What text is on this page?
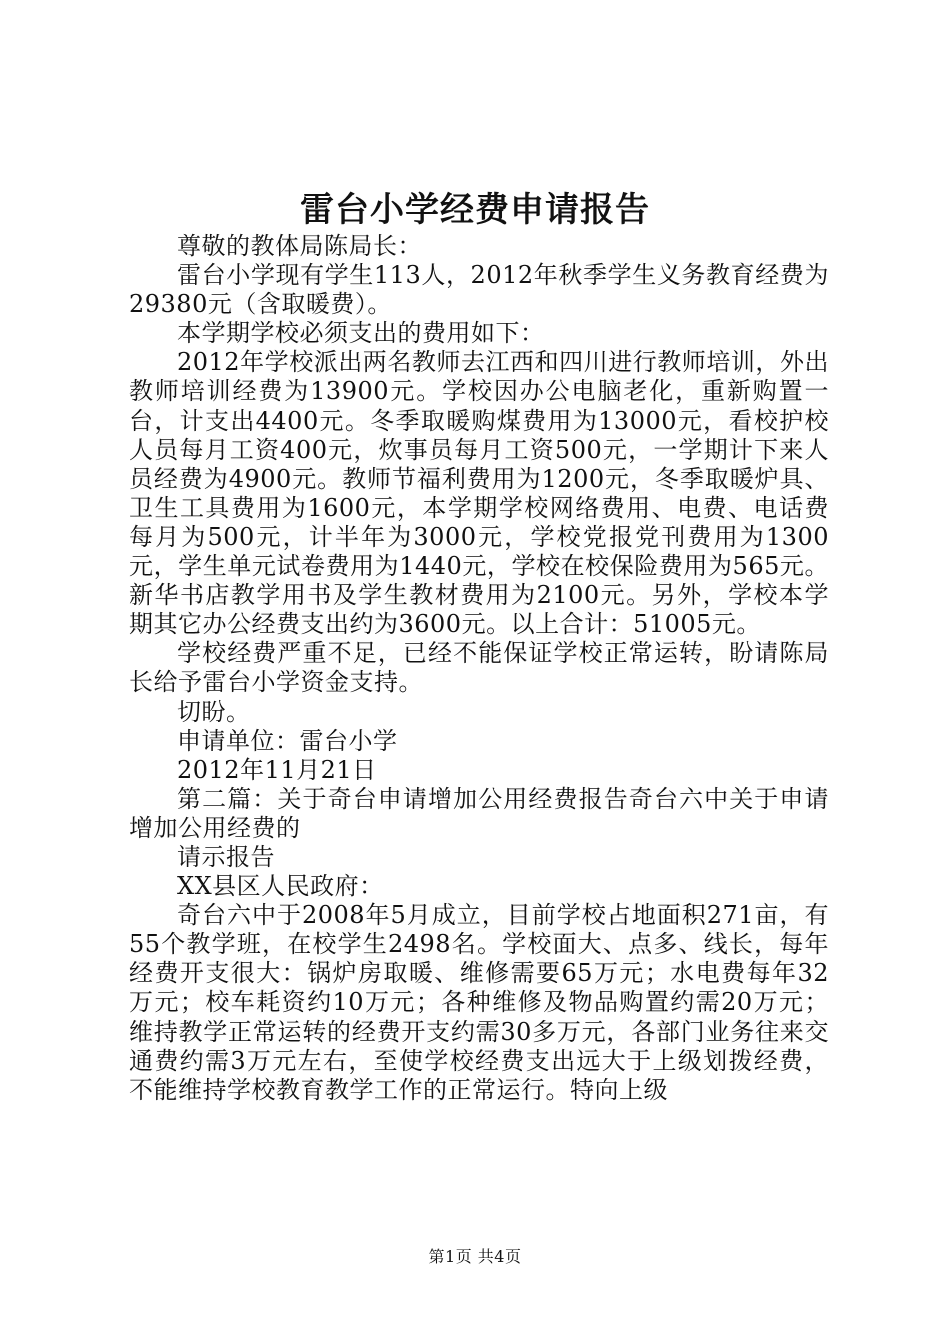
雷台小学经费申请报告

尊敬的教体局陈局长：

雷台小学现有学生113人，2012年秋季学生义务教育经费为29380元（含取暖费）。

本学期学校必须支出的费用如下：

2012年学校派出两名教师去江西和四川进行教师培训，外出教师培训经费为13900元。学校因办公电脑老化，重新购置一台，计支出4400元。冬季取暖购煤费用为13000元，看校护校人员每月工资400元，炊事员每月工资500元，一学期计下来人员经费为4900元。教师节福利费用为1200元，冬季取暖炉具、卫生工具费用为1600元，本学期学校网络费用、电费、电话费每月为500元，计半年为3000元，学校党报党刊费用为1300元，学生单元试卷费用为1440元，学校在校保险费用为565元。新华书店教学用书及学生教材费用为2100元。另外，学校本学期其它办公经费支出约为3600元。以上合计：51005元。

学校经费严重不足，已经不能保证学校正常运转，盼请陈局长给予雷台小学资金支持。

切盼。

申请单位：雷台小学

2012年11月21日

第二篇：关于奇台申请增加公用经费报告奇台六中关于申请增加公用经费的

请示报告

XX县区人民政府：

奇台六中于2008年5月成立，目前学校占地面积271亩，有55个教学班，在校学生2498名。学校面大、点多、线长，每年经费开支很大：锅炉房取暖、维修需要65万元；水电费每年32万元；校车耗资约10万元；各种维修及物品购置约需20万元；维持教学正常运转的经费开支约需30多万元，各部门业务往来交通费约需3万元左右，至使学校经费支出远大于上级划拨经费，不能维持学校教育教学工作的正常运行。特向上级

第1页 共4页
